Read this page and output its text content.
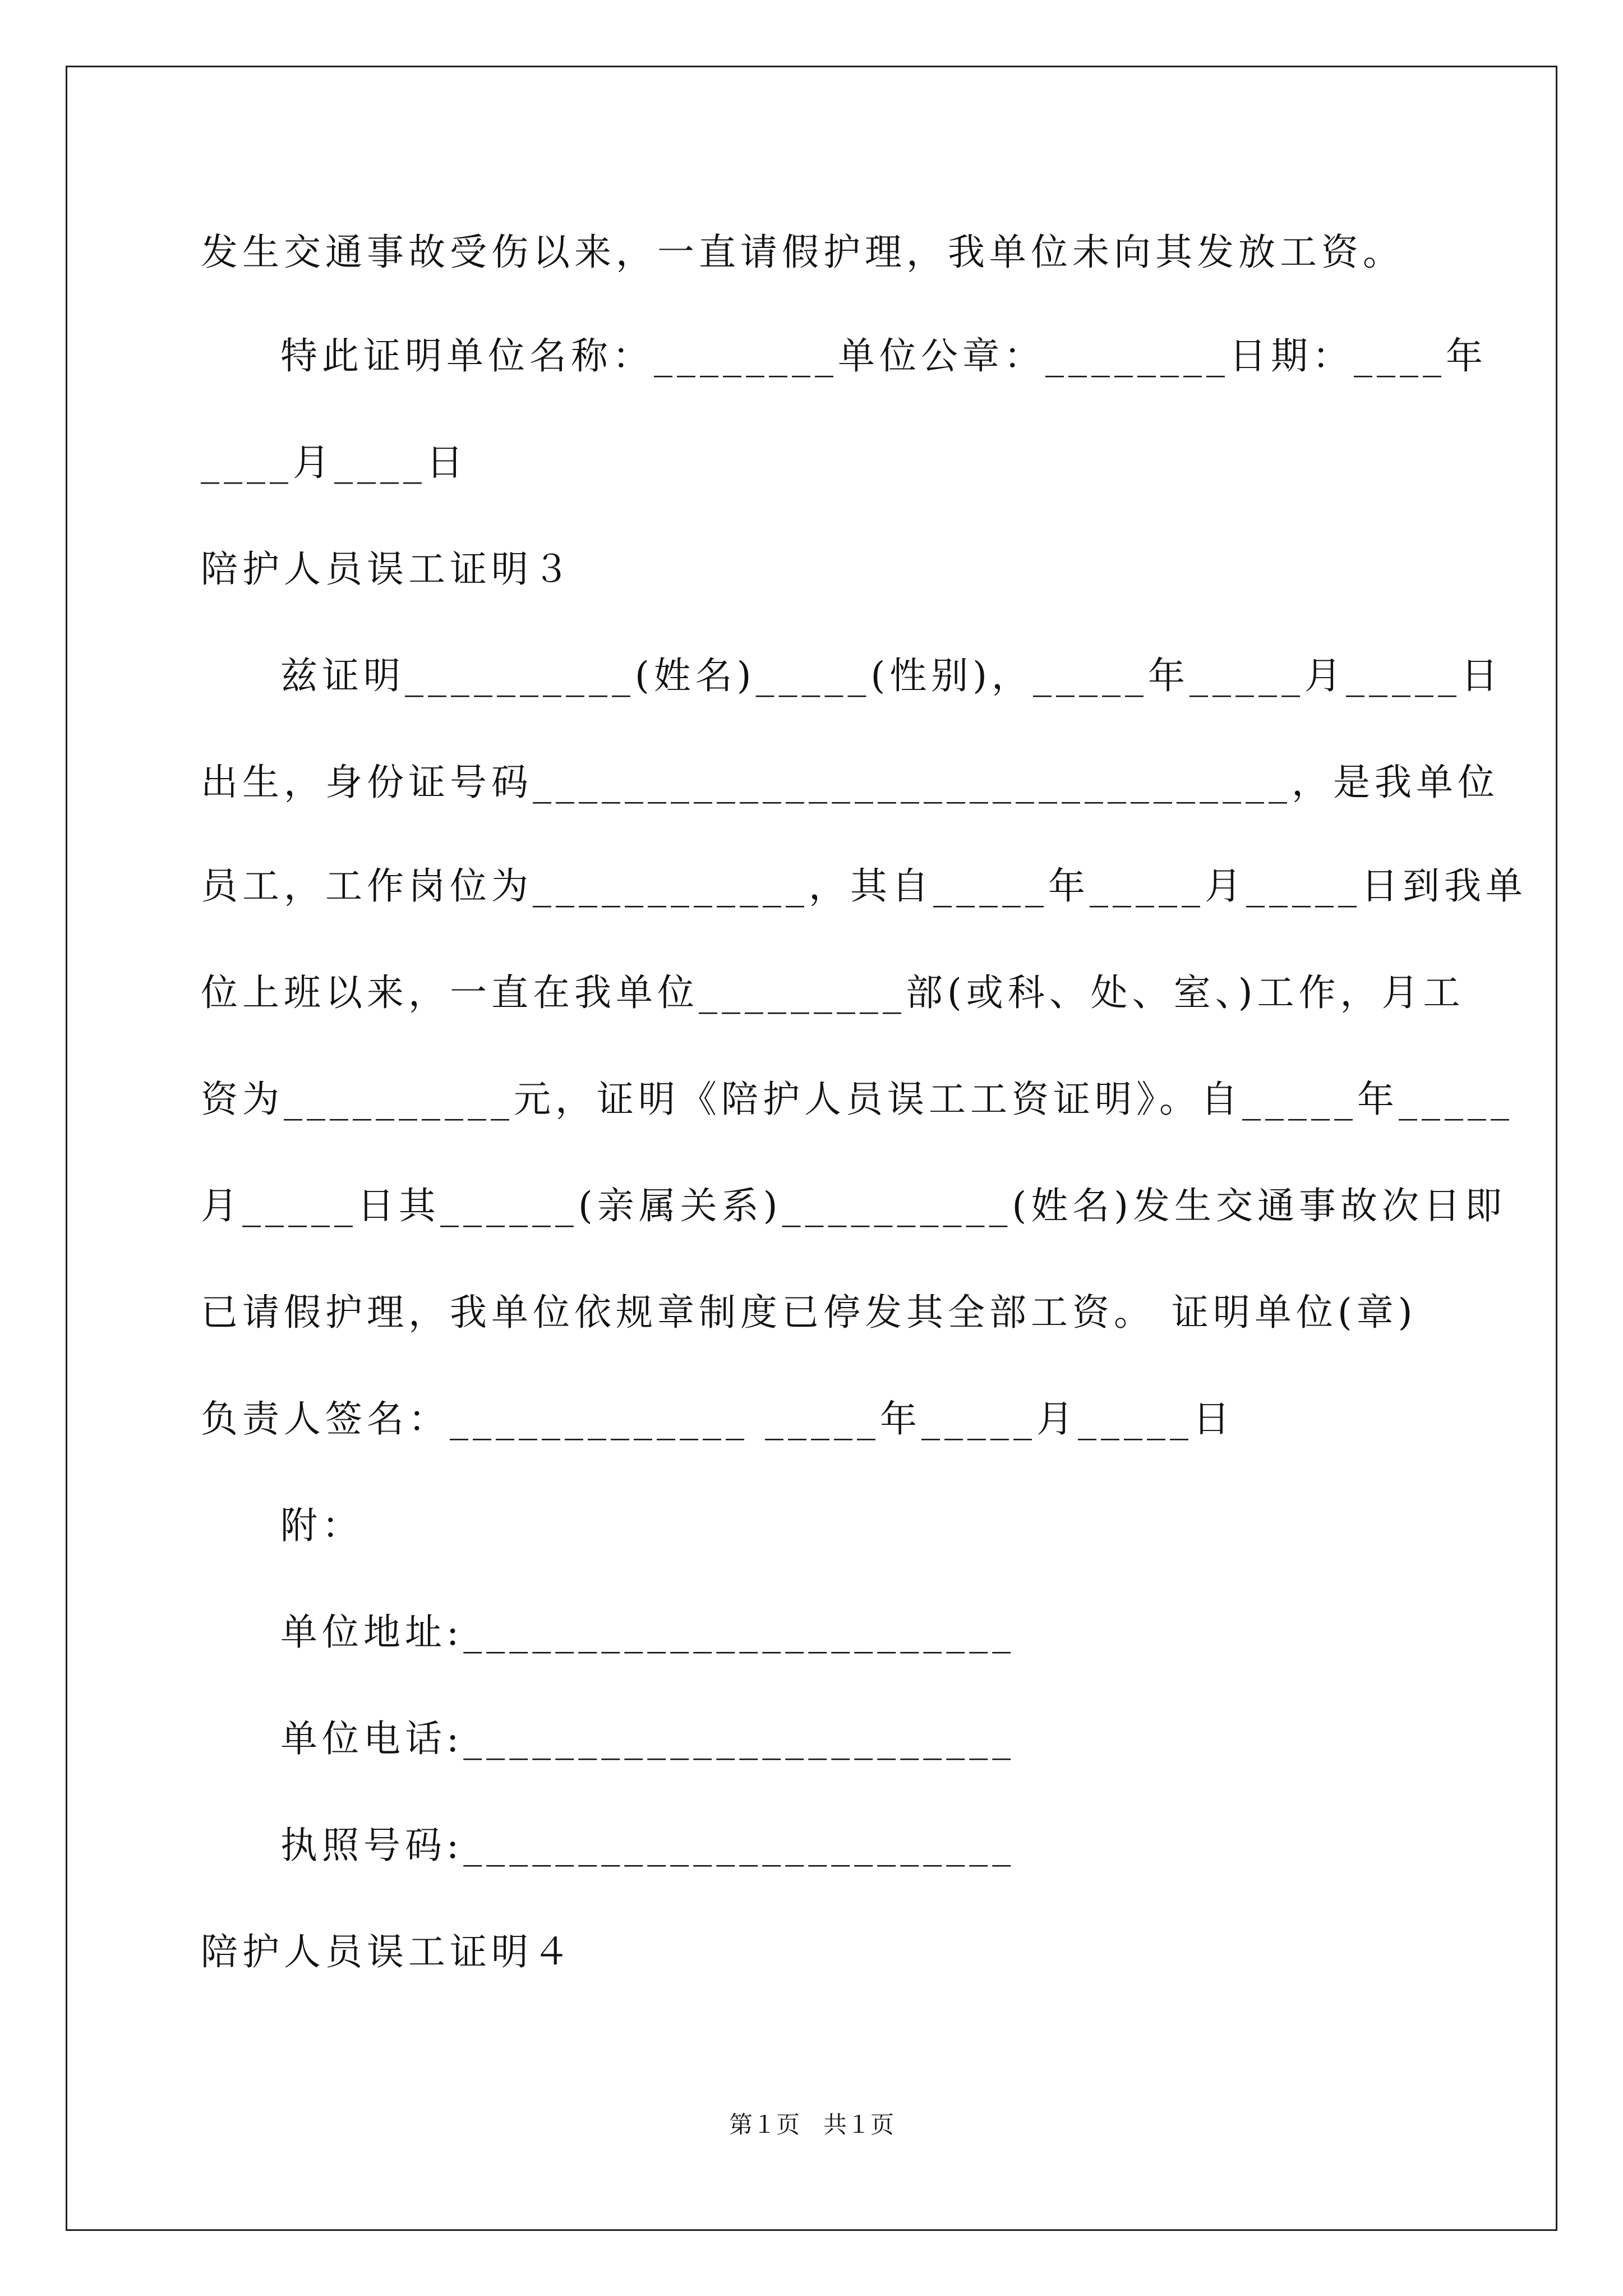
发生交通事故受伤以来，一直请假护理，我单位未向其发放工资。
特此证明单位名称：________单位公章：________日期：____年
____月____日
陪护人员误工证明３
兹证明__________(姓名)_____(性别)，_____年_____月_____日
出生，身份证号码_________________________________，是我单位
员工，工作岗位为____________，其自_____年_____月_____日到我单
位上班以来，一直在我单位_________部(或科、处、室、)工作，月工
资为__________元，证明《陪护人员误工工资证明》。自_____年_____
月_____日其______(亲属关系)__________(姓名)发生交通事故次日即
已请假护理，我单位依规章制度已停发其全部工资。 证明单位(章)
负责人签名：_____________ _____年_____月_____日
附：
单位地址:________________________
单位电话:________________________
执照号码:________________________
陪护人员误工证明４
第１页　共１页
